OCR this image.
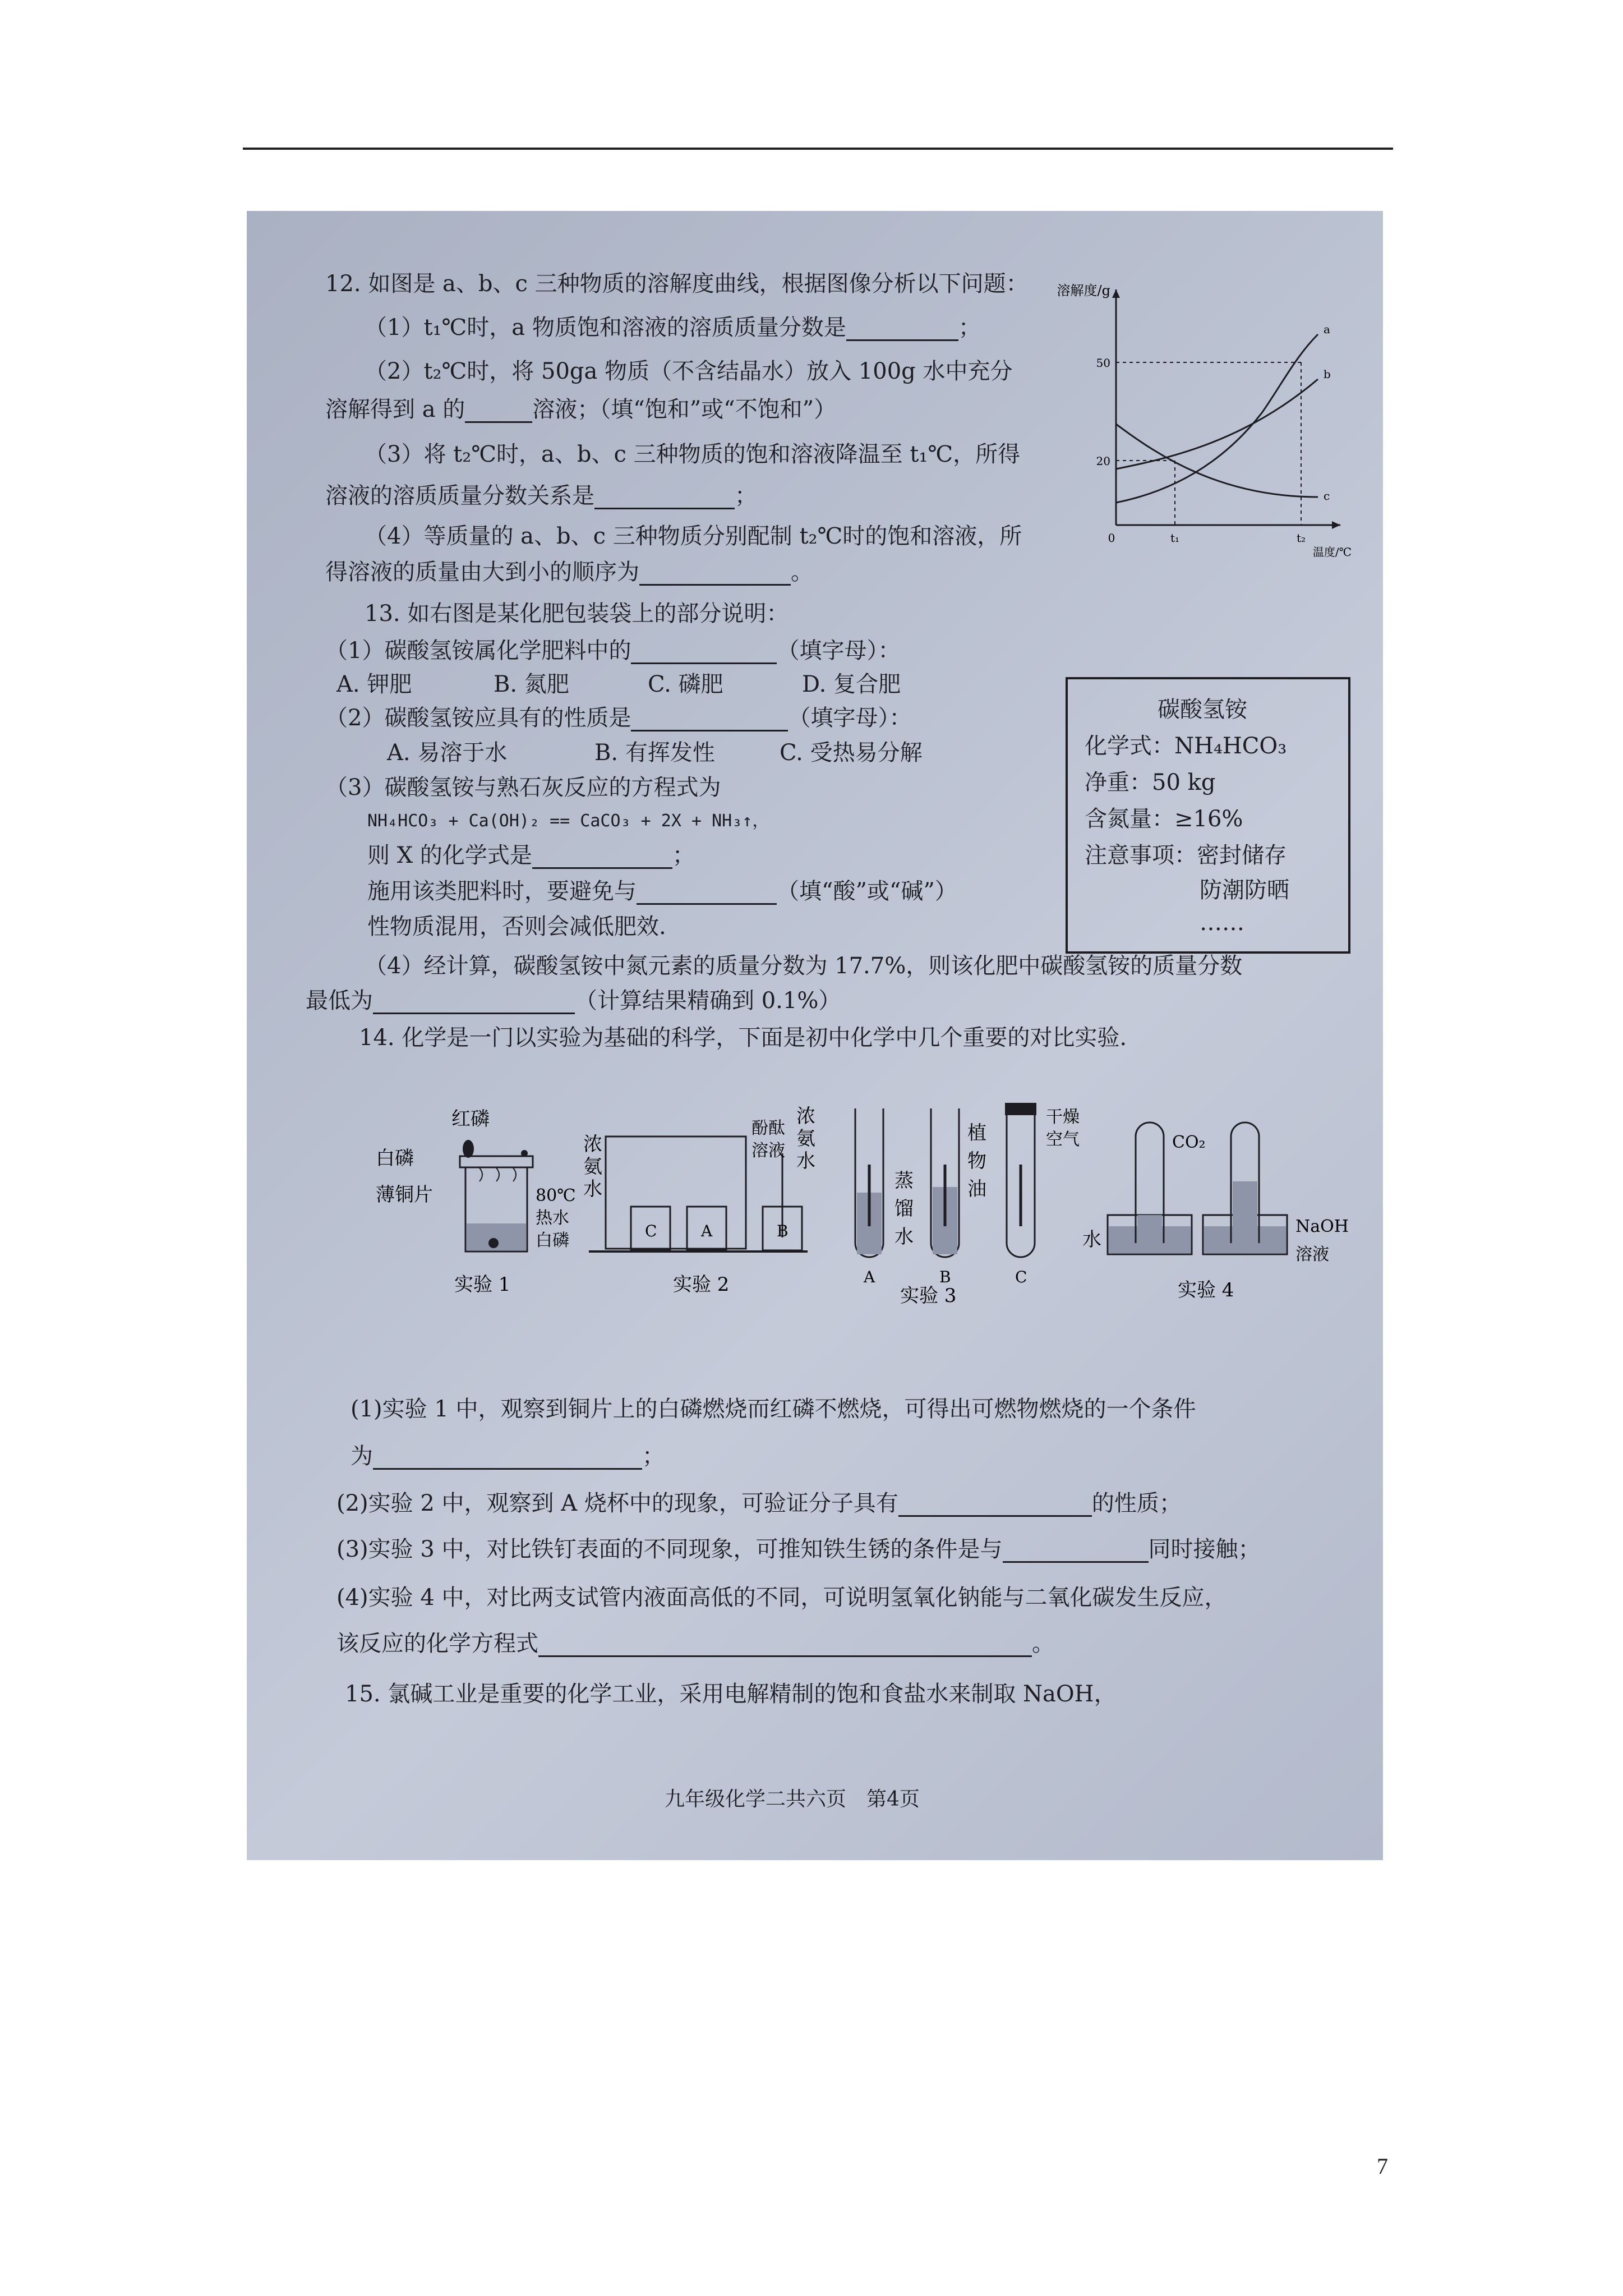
12. 如图是 a、b、c 三种物质的溶解度曲线，根据图像分析以下问题：
（1）t₁℃时，a 物质饱和溶液的溶质质量分数是	；
（2）t₂℃时，将 50ga 物质（不含结晶水）放入 100g 水中充分
溶解得到 a 的	溶液；（填“饱和”或“不饱和”）
（3）将 t₂℃时，a、b、c 三种物质的饱和溶液降温至 t₁℃，所得
溶液的溶质质量分数关系是	；
（4）等质量的 a、b、c 三种物质分别配制 t₂℃时的饱和溶液，所
得溶液的质量由大到小的顺序为	。
溶解度/g
50
20
0	t₁	t₂
温度/℃
a
b
c
13. 如右图是某化肥包装袋上的部分说明：
（1）碳酸氢铵属化学肥料中的	（填字母）：
A. 钾肥	B. 氮肥	C. 磷肥	D. 复合肥
（2）碳酸氢铵应具有的性质是	（填字母）：
A. 易溶于水	B. 有挥发性	C. 受热易分解
（3）碳酸氢铵与熟石灰反应的方程式为
NH₄HCO₃ + Ca(OH)₂ == CaCO₃ + 2X + NH₃↑，
则 X 的化学式是	；
施用该类肥料时，要避免与	（填“酸”或“碱”）
性物质混用，否则会减低肥效.
（4）经计算，碳酸氢铵中氮元素的质量分数为 17.7%，则该化肥中碳酸氢铵的质量分数
最低为	（计算结果精确到 0.1%）
碳酸氢铵
化学式：NH₄HCO₃
净重：50 kg
含氮量：≥16%
注意事项：密封储存
防潮防晒
……
14. 化学是一门以实验为基础的科学，下面是初中化学中几个重要的对比实验.
红磷
白磷
薄铜片	80℃
热水
白磷
实验 1
浓
氨
水
酚酞
溶液
浓
氨
水
C	A	B
实验 2
蒸
馏
水
植
物
油
干燥
空气
A	B	C
实验 3
CO₂
水
NaOH
溶液
实验 4
(1)实验 1 中，观察到铜片上的白磷燃烧而红磷不燃烧，可得出可燃物燃烧的一个条件
为	；
(2)实验 2 中，观察到 A 烧杯中的现象，可验证分子具有	的性质；
(3)实验 3 中，对比铁钉表面的不同现象，可推知铁生锈的条件是与	同时接触；
(4)实验 4 中，对比两支试管内液面高低的不同，可说明氢氧化钠能与二氧化碳发生反应，
该反应的化学方程式	。
15. 氯碱工业是重要的化学工业，采用电解精制的饱和食盐水来制取 NaOH，
九年级化学二共六页　第4页
7
